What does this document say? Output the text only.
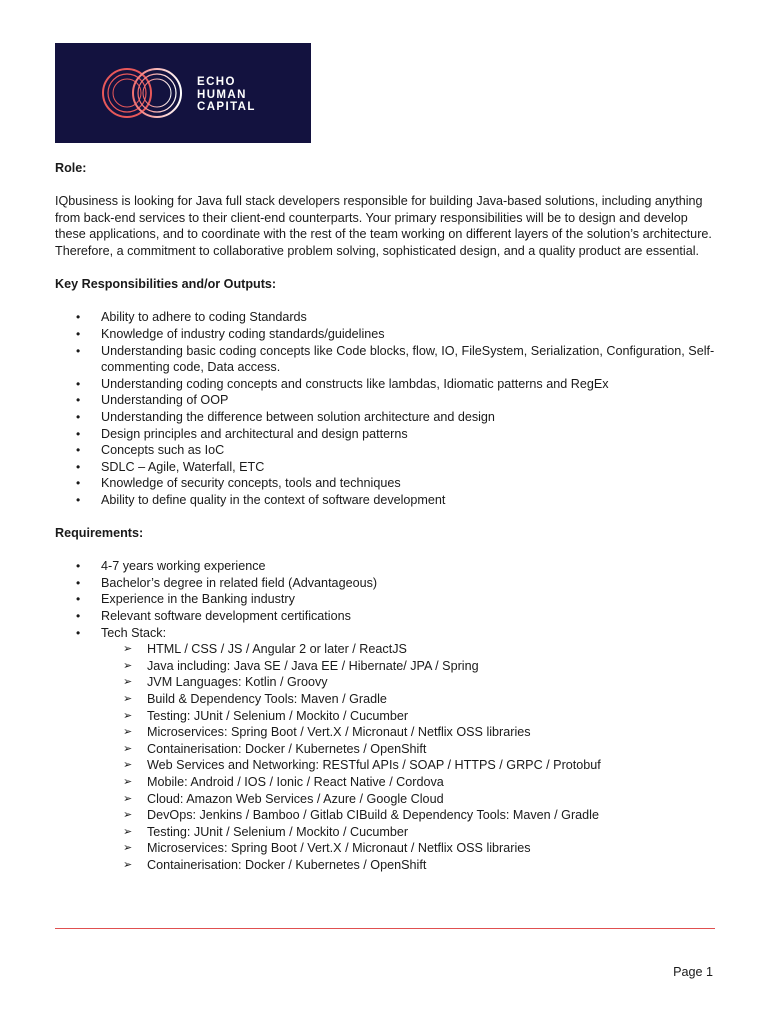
ECHO
HUMAN
CAPITAL

Role:

IQbusiness is looking for Java full stack developers responsible for building Java-based solutions, including anything from back-end services to their client-end counterparts. Your primary responsibilities will be to design and develop these applications, and to coordinate with the rest of the team working on different layers of the solution’s architecture. Therefore, a commitment to collaborative problem solving, sophisticated design, and a quality product are essential.

Key Responsibilities and/or Outputs:

• Ability to adhere to coding Standards
• Knowledge of industry coding standards/guidelines
• Understanding basic coding concepts like Code blocks, flow, IO, FileSystem, Serialization, Configuration, Self-commenting code, Data access.
• Understanding coding concepts and constructs like lambdas, Idiomatic patterns and RegEx
• Understanding of OOP
• Understanding the difference between solution architecture and design
• Design principles and architectural and design patterns
• Concepts such as IoC
• SDLC – Agile, Waterfall, ETC
• Knowledge of security concepts, tools and techniques
• Ability to define quality in the context of software development

Requirements:

• 4-7 years working experience
• Bachelor’s degree in related field (Advantageous)
• Experience in the Banking industry
• Relevant software development certifications
• Tech Stack:
➢ HTML / CSS / JS / Angular 2 or later / ReactJS
➢ Java including: Java SE / Java EE / Hibernate/ JPA / Spring
➢ JVM Languages: Kotlin / Groovy
➢ Build & Dependency Tools: Maven / Gradle
➢ Testing: JUnit / Selenium / Mockito / Cucumber
➢ Microservices: Spring Boot / Vert.X / Micronaut / Netflix OSS libraries
➢ Containerisation: Docker / Kubernetes / OpenShift
➢ Web Services and Networking: RESTful APIs / SOAP / HTTPS / GRPC / Protobuf
➢ Mobile: Android / IOS / Ionic / React Native / Cordova
➢ Cloud: Amazon Web Services / Azure / Google Cloud
➢ DevOps: Jenkins / Bamboo / Gitlab CIBuild & Dependency Tools: Maven / Gradle
➢ Testing: JUnit / Selenium / Mockito / Cucumber
➢ Microservices: Spring Boot / Vert.X / Micronaut / Netflix OSS libraries
➢ Containerisation: Docker / Kubernetes / OpenShift
Page 1
